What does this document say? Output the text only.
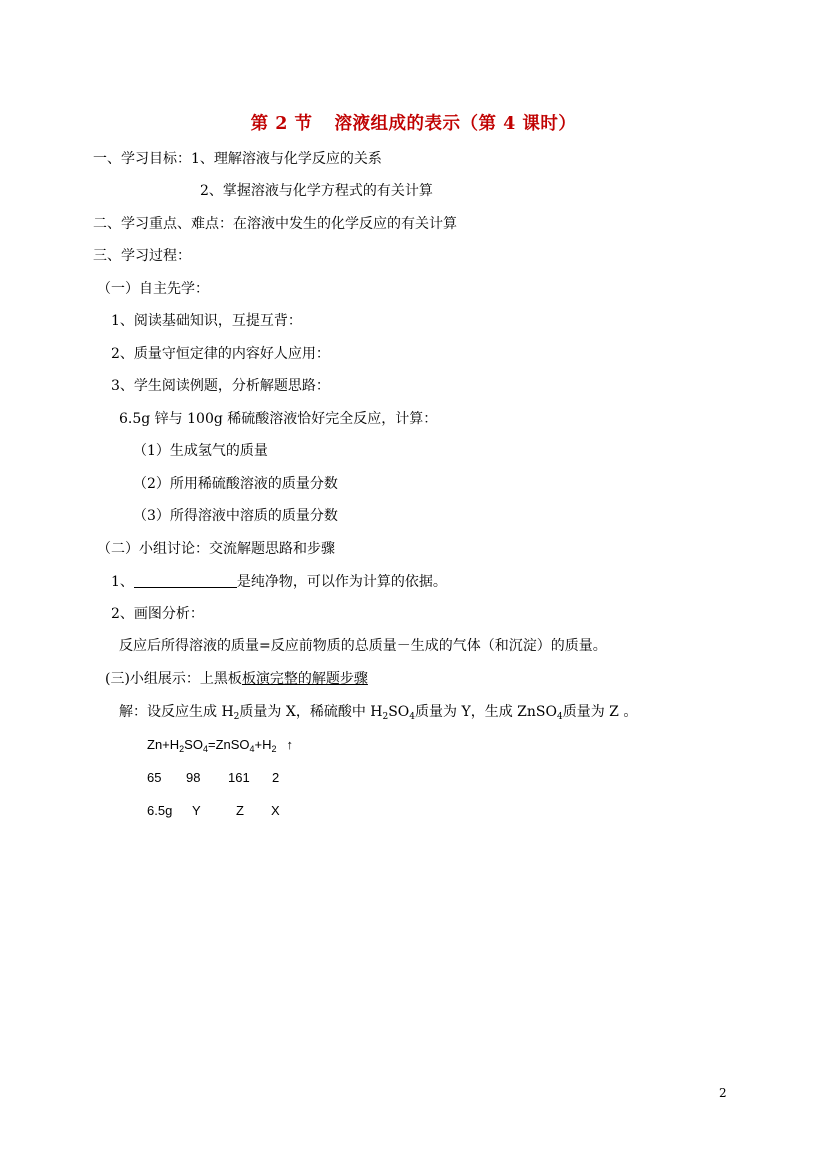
第 2 节 溶液组成的表示（第 4 课时）
一、学习目标：1、理解溶液与化学反应的关系
2、掌握溶液与化学方程式的有关计算
二、学习重点、难点：在溶液中发生的化学反应的有关计算
三、学习过程：
（一）自主先学：
1、阅读基础知识，互提互背：
2、质量守恒定律的内容好人应用：
3、学生阅读例题，分析解题思路：
6.5g 锌与 100g 稀硫酸溶液恰好完全反应，计算：
（1）生成氢气的质量
（2）所用稀硫酸溶液的质量分数
（3）所得溶液中溶质的质量分数
（二）小组讨论：交流解题思路和步骤
1、	是纯净物，可以作为计算的依据。
2、画图分析：
反应后所得溶液的质量=反应前物质的总质量－生成的气体（和沉淀）的质量。
(三)小组展示：上黑板板演完整的解题步骤
解：设反应生成 $H_2$质量为 X，稀硫酸中 $H_2SO_4$质量为 Y，生成 ZnSO$_4$质量为 Z 。
$Zn+H_2SO_4=ZnSO_4+H_2$ ↑
65 98 161 2
6.5g Y	Z X
2
